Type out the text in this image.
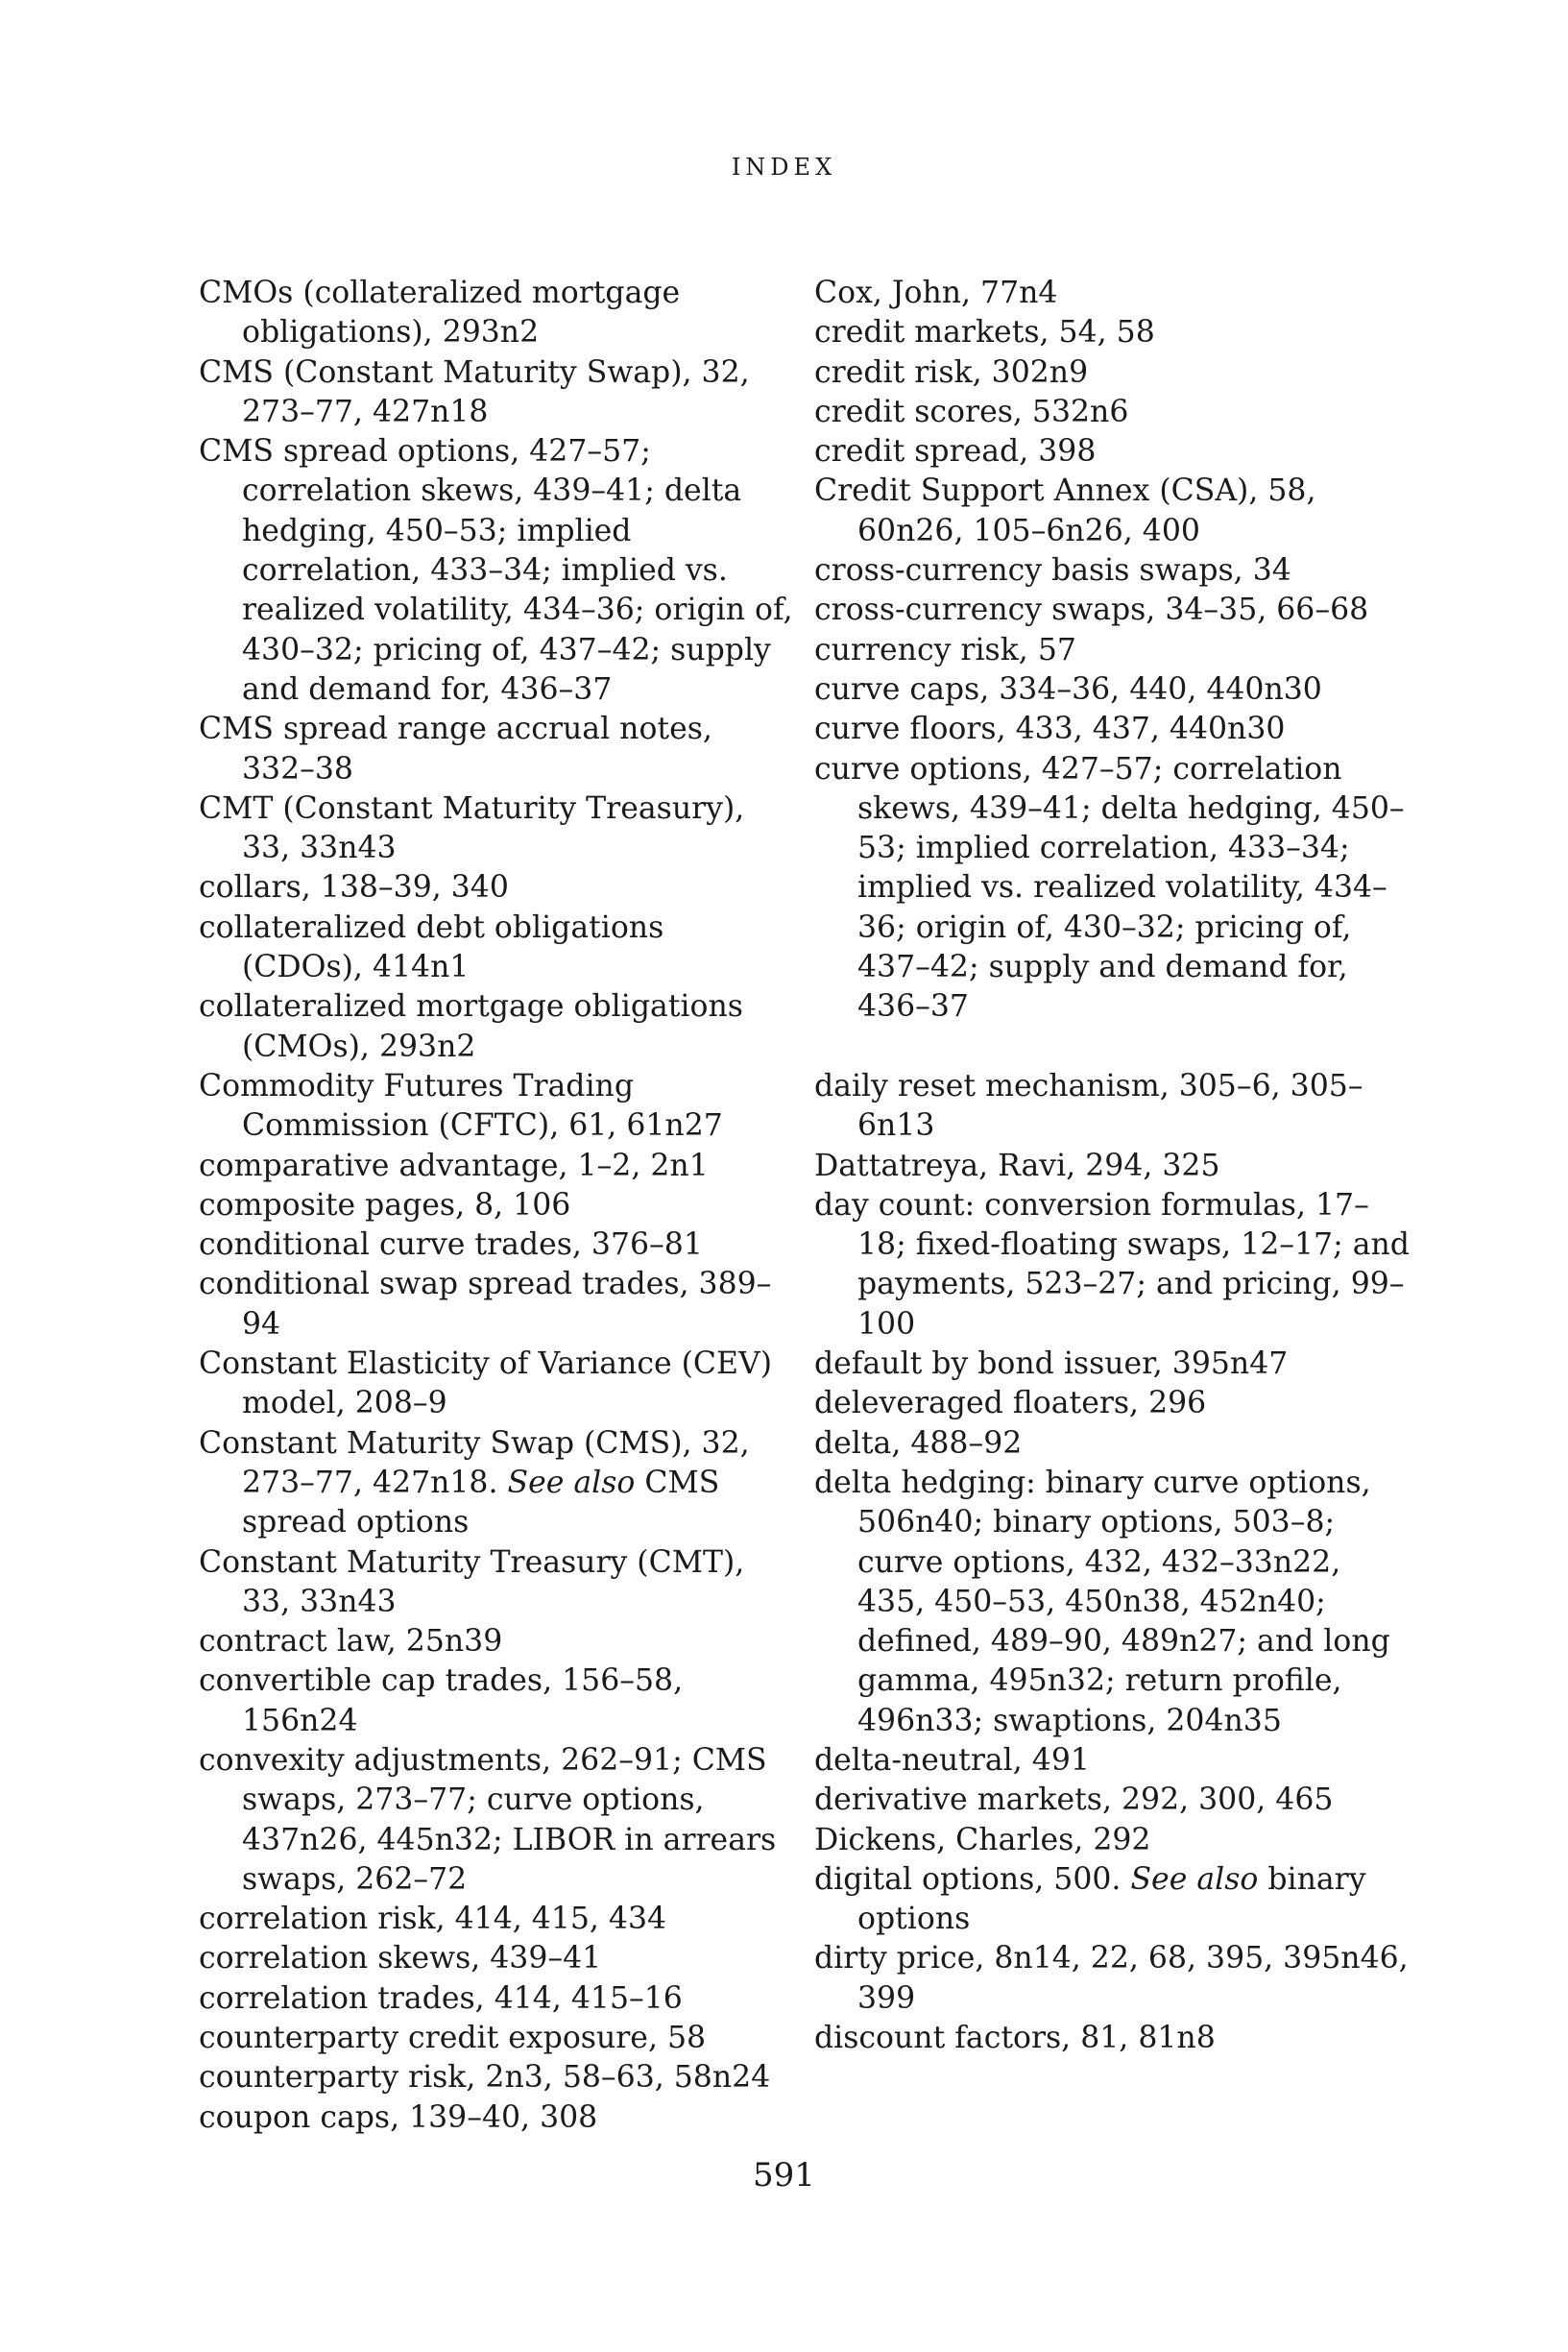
INDEX
CMOs (collateralized mortgage obligations), 293n2
CMS (Constant Maturity Swap), 32, 273–77, 427n18
CMS spread options, 427–57; correlation skews, 439–41; delta hedging, 450–53; implied correlation, 433–34; implied vs. realized volatility, 434–36; origin of, 430–32; pricing of, 437–42; supply and demand for, 436–37
CMS spread range accrual notes, 332–38
CMT (Constant Maturity Treasury), 33, 33n43
collars, 138–39, 340
collateralized debt obligations (CDOs), 414n1
collateralized mortgage obligations (CMOs), 293n2
Commodity Futures Trading Commission (CFTC), 61, 61n27
comparative advantage, 1–2, 2n1
composite pages, 8, 106
conditional curve trades, 376–81
conditional swap spread trades, 389–94
Constant Elasticity of Variance (CEV) model, 208–9
Constant Maturity Swap (CMS), 32, 273–77, 427n18. See also CMS spread options
Constant Maturity Treasury (CMT), 33, 33n43
contract law, 25n39
convertible cap trades, 156–58, 156n24
convexity adjustments, 262–91; CMS swaps, 273–77; curve options, 437n26, 445n32; LIBOR in arrears swaps, 262–72
correlation risk, 414, 415, 434
correlation skews, 439–41
correlation trades, 414, 415–16
counterparty credit exposure, 58
counterparty risk, 2n3, 58–63, 58n24
coupon caps, 139–40, 308
Cox, John, 77n4
credit markets, 54, 58
credit risk, 302n9
credit scores, 532n6
credit spread, 398
Credit Support Annex (CSA), 58, 60n26, 105–6n26, 400
cross-currency basis swaps, 34
cross-currency swaps, 34–35, 66–68
currency risk, 57
curve caps, 334–36, 440, 440n30
curve floors, 433, 437, 440n30
curve options, 427–57; correlation skews, 439–41; delta hedging, 450–53; implied correlation, 433–34; implied vs. realized volatility, 434–36; origin of, 430–32; pricing of, 437–42; supply and demand for, 436–37
daily reset mechanism, 305–6, 305–6n13
Dattatreya, Ravi, 294, 325
day count: conversion formulas, 17–18; fixed-floating swaps, 12–17; and payments, 523–27; and pricing, 99–100
default by bond issuer, 395n47
deleveraged floaters, 296
delta, 488–92
delta hedging: binary curve options, 506n40; binary options, 503–8; curve options, 432, 432–33n22, 435, 450–53, 450n38, 452n40; defined, 489–90, 489n27; and long gamma, 495n32; return profile, 496n33; swaptions, 204n35
delta-neutral, 491
derivative markets, 292, 300, 465
Dickens, Charles, 292
digital options, 500. See also binary options
dirty price, 8n14, 22, 68, 395, 395n46, 399
discount factors, 81, 81n8
591
